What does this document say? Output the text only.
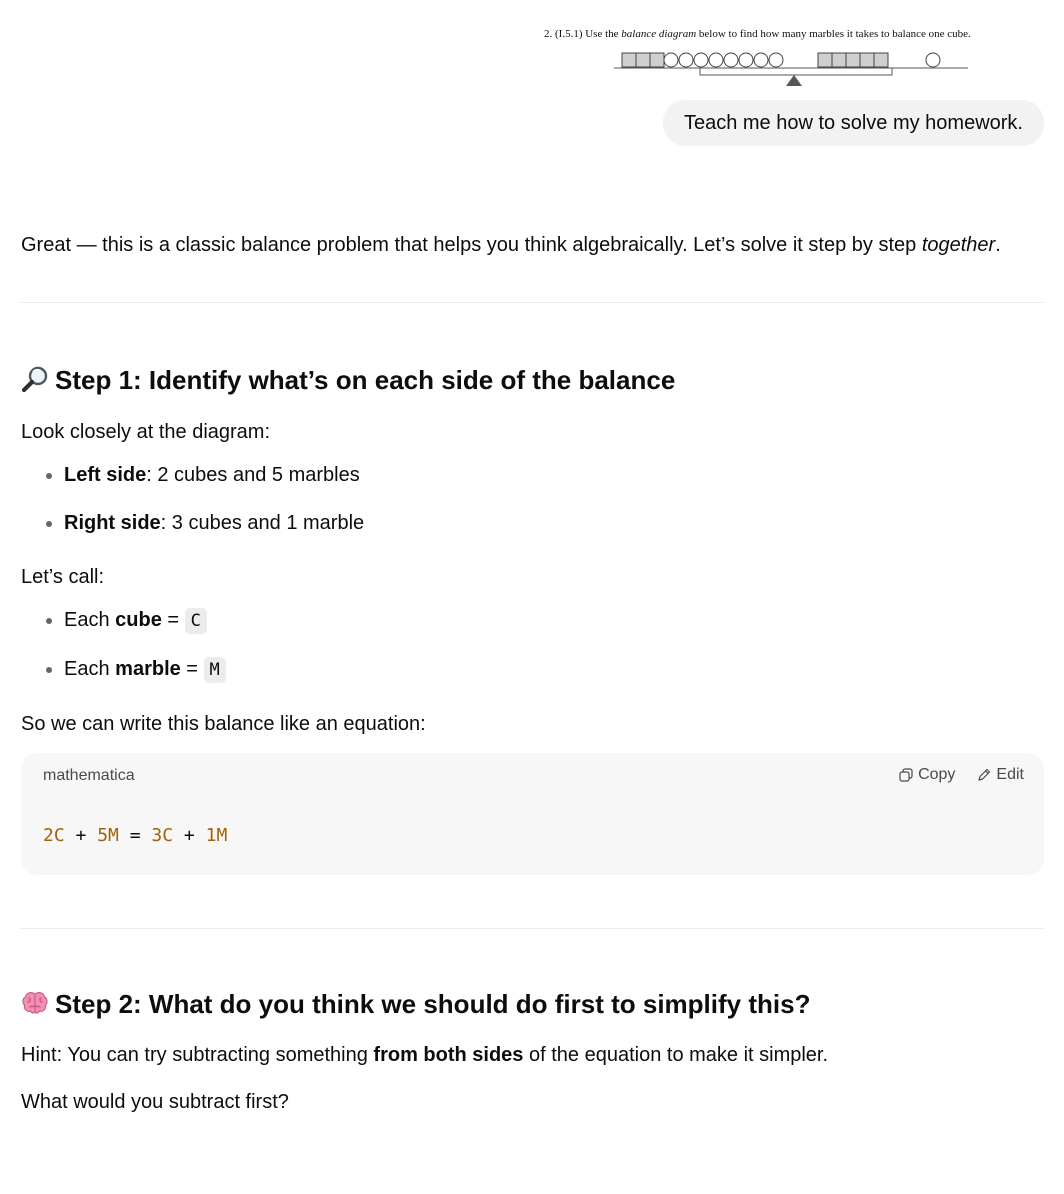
2. (I.5.1) Use the balance diagram below to find how many marbles it takes to balance one cube.
Teach me how to solve my homework.

Great — this is a classic balance problem that helps you think algebraically. Let’s solve it step by step together.

Step 1: Identify what’s on each side of the balance

Look closely at the diagram:

• Left side: 2 cubes and 5 marbles
• Right side: 3 cubes and 1 marble

Let’s call:

• Each cube = C
• Each marble = M

So we can write this balance like an equation:

mathematica	Copy	Edit
2C + 5M = 3C + 1M
Step 2: What do you think we should do first to simplify this?

Hint: You can try subtracting something from both sides of the equation to make it simpler.

What would you subtract first?
